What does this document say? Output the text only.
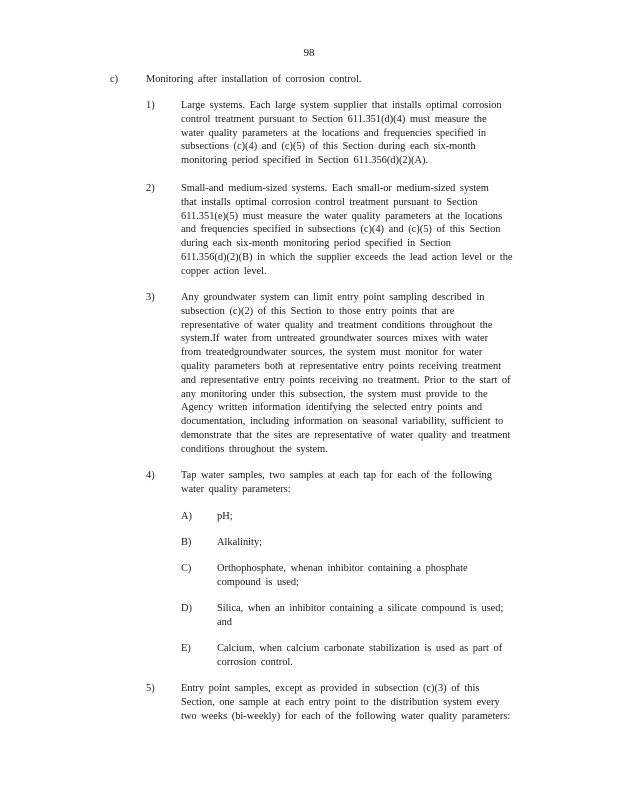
98
c)	Monitoring after installation of corrosion control.
1)	Large systems. Each large system supplier that installs optimal corrosion

control treatment pursuant to Section 611.351(d)(4) must measure the

water quality parameters at the locations and frequencies specified in

subsections (c)(4) and (c)(5) of this Section during each six-month

monitoring period specified in Section 611.356(d)(2)(A).

2)	Small-and medium-sized systems. Each small-or medium-sized system

that installs optimal corrosion control treatment pursuant to Section

611.351(e)(5) must measure the water quality parameters at the locations

and frequencies specified in subsections (c)(4) and (c)(5) of this Section

during each six-month monitoring period specified in Section

611.356(d)(2)(B) in which the supplier exceeds the lead action level or the

copper action level.

3)	Any groundwater system can limit entry point sampling described in

subsection (c)(2) of this Section to those entry points that are

representative of water quality and treatment conditions throughout the

system.If water from untreated groundwater sources mixes with water

from treatedgroundwater sources, the system must monitor for water

quality parameters both at representative entry points receiving treatment

and representative entry points receiving no treatment. Prior to the start of

any monitoring under this subsection, the system must provide to the

Agency written information identifying the selected entry points and

documentation, including information on seasonal variability, sufficient to

demonstrate that the sites are representative of water quality and treatment

conditions throughout the system.

4)	Tap water samples, two samples at each tap for each of the following

water quality parameters:

A) pH;

B) Alkalinity;

C) Orthophosphate, whenan inhibitor containing a phosphate

compound is used;

D) Silica, when an inhibitor containing a silicate compound is used;

and

E)	Calcium, when calcium carbonate stabilization is used as part of

corrosion control.

5)	Entry point samples, except as provided in subsection (c)(3) of this

Section, one sample at each entry point to the distribution system every

two weeks (bi-weekly) for each of the following water quality parameters:
